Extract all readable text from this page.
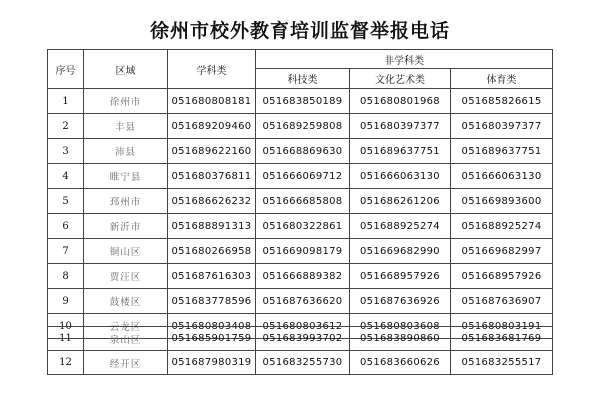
徐州市校外教育培训监督举报电话
序号	区域	学科类	非学科类		
			科技类	文化艺术类	体育类
1	徐州市	051680808181	051683850189	051680801968	051685826615
2	丰县	051689209460	051689259808	051680397377	051680397377
3	沛县	051689622160	051668869630	051689637751	051689637751
4	睢宁县	051680376811	051666069712	051666063130	051666063130
5	邳州市	051686626232	051666685808	051686261206	051669893600
6	新沂市	051688891313	051680322861	051688925274	051688925274
7	铜山区	051680266958	051669098179	051669682990	051669682997
8	贾汪区	051687616303	051666889382	051668957926	051668957926
9	鼓楼区	051683778596	051687636620	051687636926	051687636907
10	云龙区	051680803408	051680803612	051680803608	051680803191
11	泉山区	051685901759	051683993702	051683890860	051683681769
12	经开区	051687980319	051683255730	051683660626	051683255517
